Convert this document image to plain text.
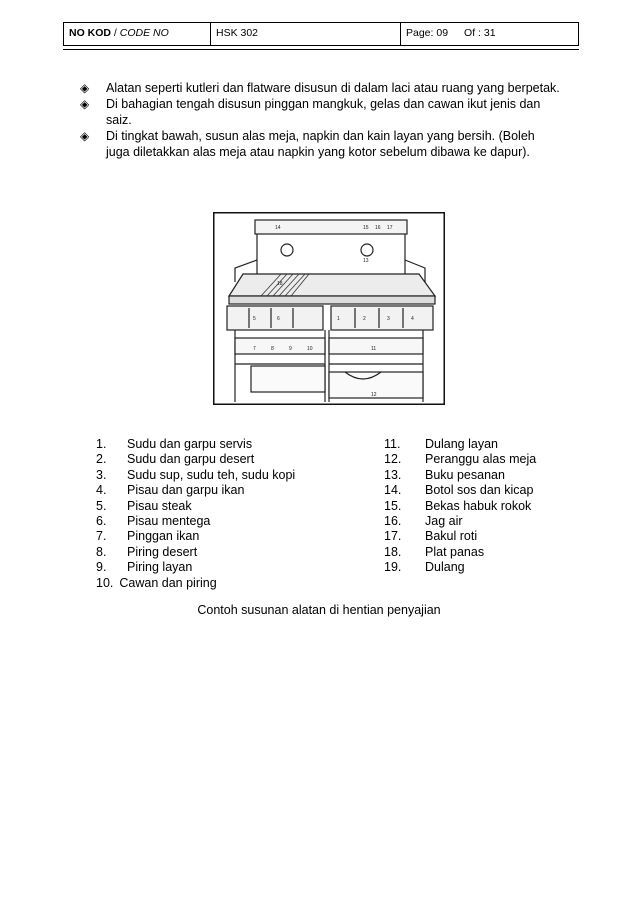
NO KOD / CODE NO	HSK 302	Page: 09 Of : 31
◈	Alatan seperti kutleri dan flatware disusun di dalam laci atau ruang yang berpetak.
◈	Di bahagian tengah disusun pinggan mangkuk, gelas dan cawan ikut jenis dan saiz.
◈	Di tingkat bawah, susun alas meja, napkin dan kain layan yang bersih. (Boleh juga diletakkan alas meja atau napkin yang kotor sebelum dibawa ke dapur).
14	15 16 17
13
18
1	2	3	4
5	6
7	8	9	10	11
12
1.	Sudu dan garpu servis
2.	Sudu dan garpu desert
3.	Sudu sup, sudu teh, sudu kopi
4.	Pisau dan garpu ikan
5.	Pisau steak
6.	Pisau mentega
7.	Pinggan ikan
8.	Piring desert
9.	Piring layan
10. Cawan dan piring
11.	Dulang layan
12.	Peranggu alas meja
13.	Buku pesanan
14.	Botol sos dan kicap
15.	Bekas habuk rokok
16.	Jag air
17.	Bakul roti
18.	Plat panas
19.	Dulang
Contoh susunan alatan di hentian penyajian
